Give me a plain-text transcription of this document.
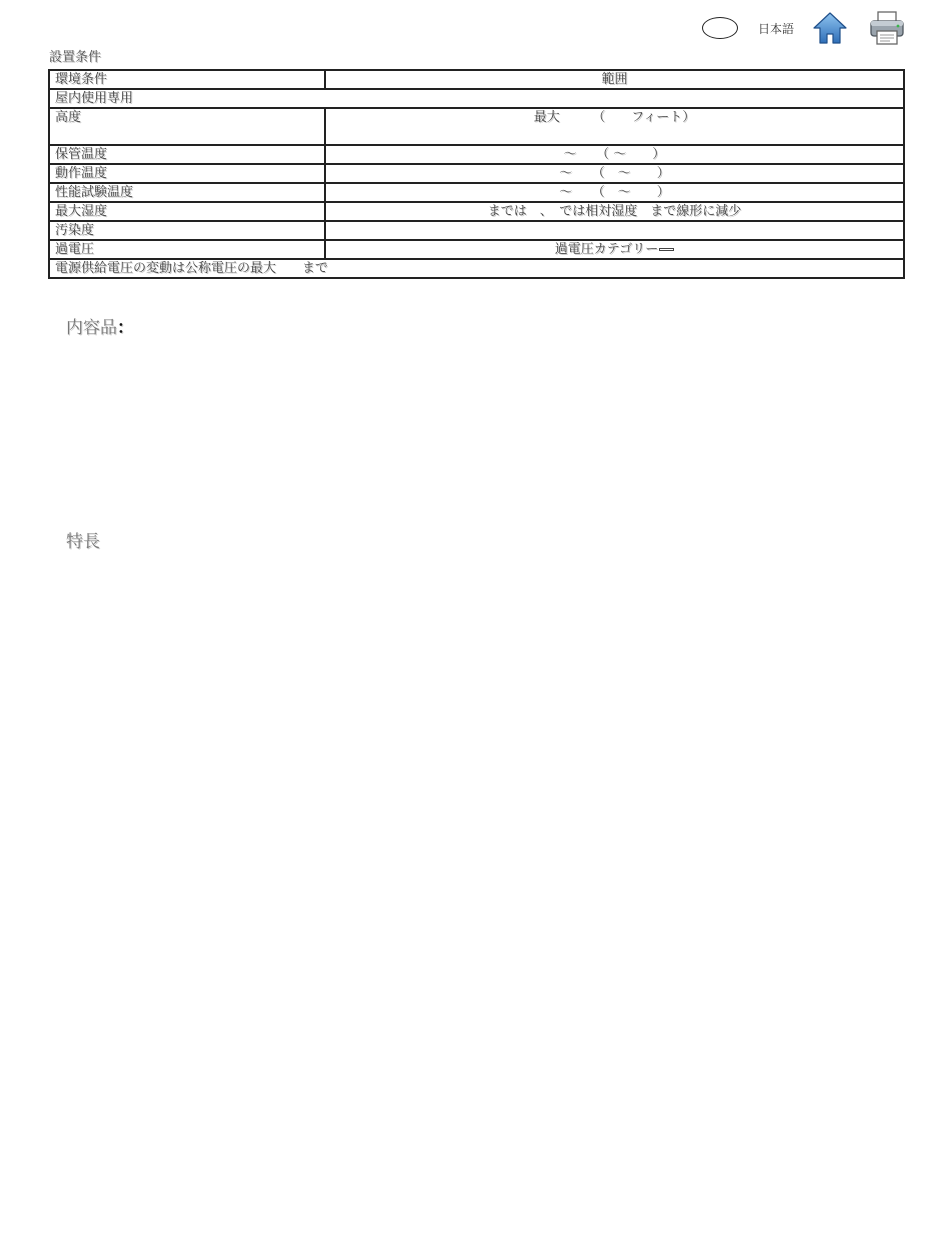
日本語
設置条件
環境条件	範囲
屋内使用専用	
高度	最大　　　（　　フィート）
保管温度	～　　（ ～　　）
動作温度	～　　（　～　　）
性能試験温度	～　　（　～　　）
最大湿度	までは　、　では相対湿度　まで線形に減少
汚染度	
過電圧	過電圧カテゴリー
電源供給電圧の変動は公称電圧の最大　　まで	
内容品：
特長
